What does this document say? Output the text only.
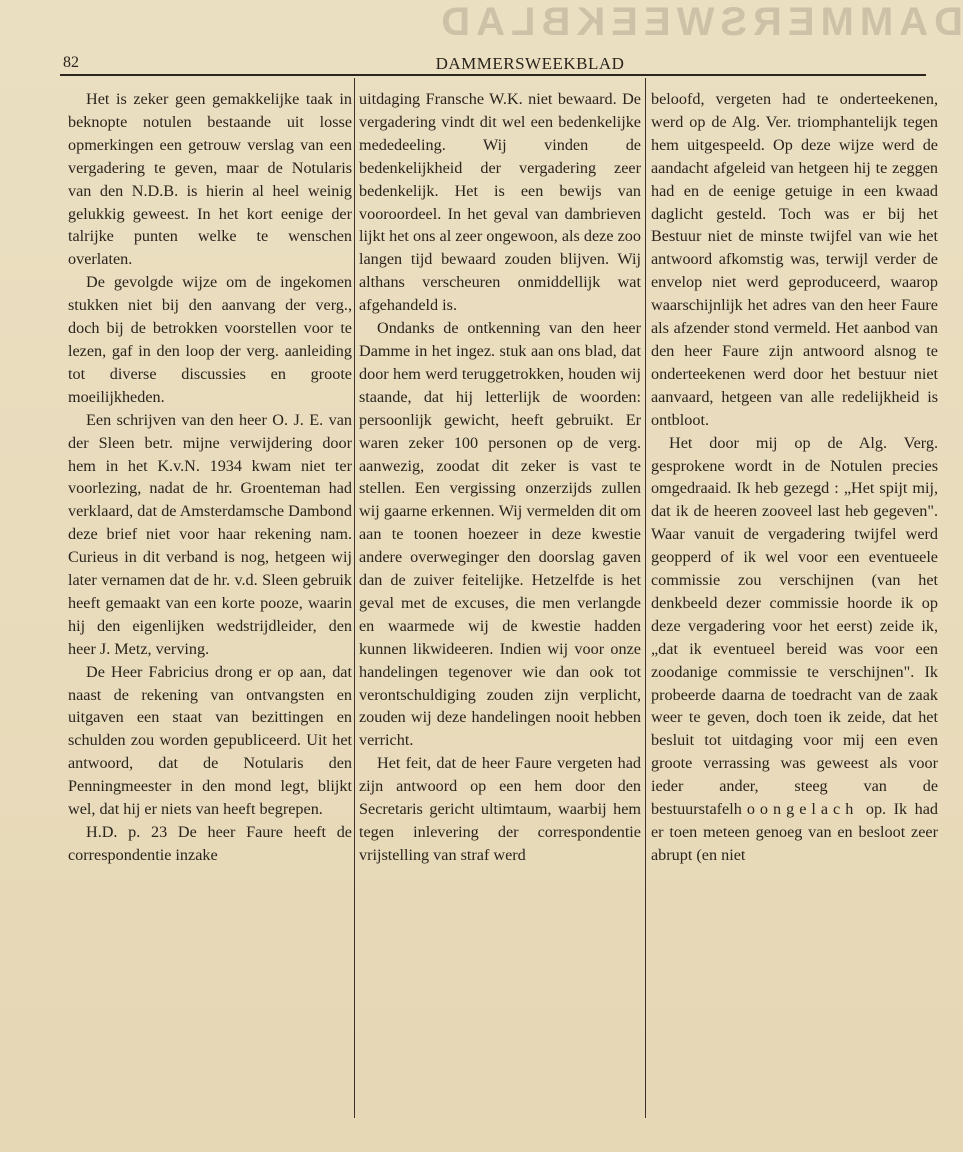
DAMMERSWEEKBLAD
82	DAMMERSWEEKBLAD

Het is zeker geen gemakkelijke taak in beknopte notulen bestaande uit losse opmerkingen een getrouw verslag van een vergadering te geven, maar de Notularis van den N.D.B. is hierin al heel weinig gelukkig geweest. In het kort eenige der talrijke punten welke te wenschen overlaten.

De gevolgde wijze om de ingekomen stukken niet bij den aanvang der verg., doch bij de betrokken voorstellen voor te lezen, gaf in den loop der verg. aanleiding tot diverse discussies en groote moeilijkheden.

Een schrijven van den heer O. J. E. van der Sleen betr. mijne verwijdering door hem in het K.v.N. 1934 kwam niet ter voorlezing, nadat de hr. Groenteman had verklaard, dat de Amsterdamsche Dambond deze brief niet voor haar rekening nam. Curieus in dit verband is nog, hetgeen wij later vernamen dat de hr. v.d. Sleen gebruik heeft gemaakt van een korte pooze, waarin hij den eigenlijken wedstrijdleider, den heer J. Metz, verving.

De Heer Fabricius drong er op aan, dat naast de rekening van ontvangsten en uitgaven een staat van bezittingen en schulden zou worden gepubliceerd. Uit het antwoord, dat de Notularis den Penningmeester in den mond legt, blijkt wel, dat hij er niets van heeft begrepen.

H.D. p. 23 De heer Faure heeft de correspondentie inzake

uitdaging Fransche W.K. niet bewaard. De vergadering vindt dit wel een bedenkelijke mededeeling. Wij vinden de bedenkelijkheid der vergadering zeer bedenkelijk. Het is een bewijs van vooroordeel. In het geval van dambrieven lijkt het ons al zeer ongewoon, als deze zoo langen tijd bewaard zouden blijven. Wij althans verscheuren onmiddellijk wat afgehandeld is.

Ondanks de ontkenning van den heer Damme in het ingez. stuk aan ons blad, dat door hem werd teruggetrokken, houden wij staande, dat hij letterlijk de woorden: persoonlijk gewicht, heeft gebruikt. Er waren zeker 100 personen op de verg. aanwezig, zoodat dit zeker is vast te stellen. Een vergissing onzerzijds zullen wij gaarne erkennen. Wij vermelden dit om aan te toonen hoezeer in deze kwestie andere overweginger den doorslag gaven dan de zuiver feitelijke. Hetzelfde is het geval met de excuses, die men verlangde en waarmede wij de kwestie hadden kunnen likwideeren. Indien wij voor onze handelingen tegenover wie dan ook tot verontschuldiging zouden zijn verplicht, zouden wij deze handelingen nooit hebben verricht.

Het feit, dat de heer Faure vergeten had zijn antwoord op een hem door den Secretaris gericht ultimtaum, waarbij hem tegen inlevering der correspondentie vrijstelling van straf werd

beloofd, vergeten had te onderteekenen, werd op de Alg. Ver. triomphantelijk tegen hem uitgespeeld. Op deze wijze werd de aandacht afgeleid van hetgeen hij te zeggen had en de eenige getuige in een kwaad daglicht gesteld. Toch was er bij het Bestuur niet de minste twijfel van wie het antwoord afkomstig was, terwijl verder de envelop niet werd geproduceerd, waarop waarschijnlijk het adres van den heer Faure als afzender stond vermeld. Het aanbod van den heer Faure zijn antwoord alsnog te onderteekenen werd door het bestuur niet aanvaard, hetgeen van alle redelijkheid is ontbloot.

Het door mij op de Alg. Verg. gesprokene wordt in de Notulen precies omgedraaid. Ik heb gezegd : „Het spijt mij, dat ik de heeren zooveel last heb gegeven". Waar vanuit de vergadering twijfel werd geopperd of ik wel voor een eventueele commissie zou verschijnen (van het denkbeeld dezer commissie hoorde ik op deze vergadering voor het eerst) zeide ik, „dat ik eventueel bereid was voor een zoodanige commissie te verschijnen". Ik probeerde daarna de toedracht van de zaak weer te geven, doch toen ik zeide, dat het besluit tot uitdaging voor mij een even groote verrassing was geweest als voor ieder ander, steeg van de bestuurstafelhoongelach op. Ik had er toen meteen genoeg van en besloot zeer abrupt (en niet
